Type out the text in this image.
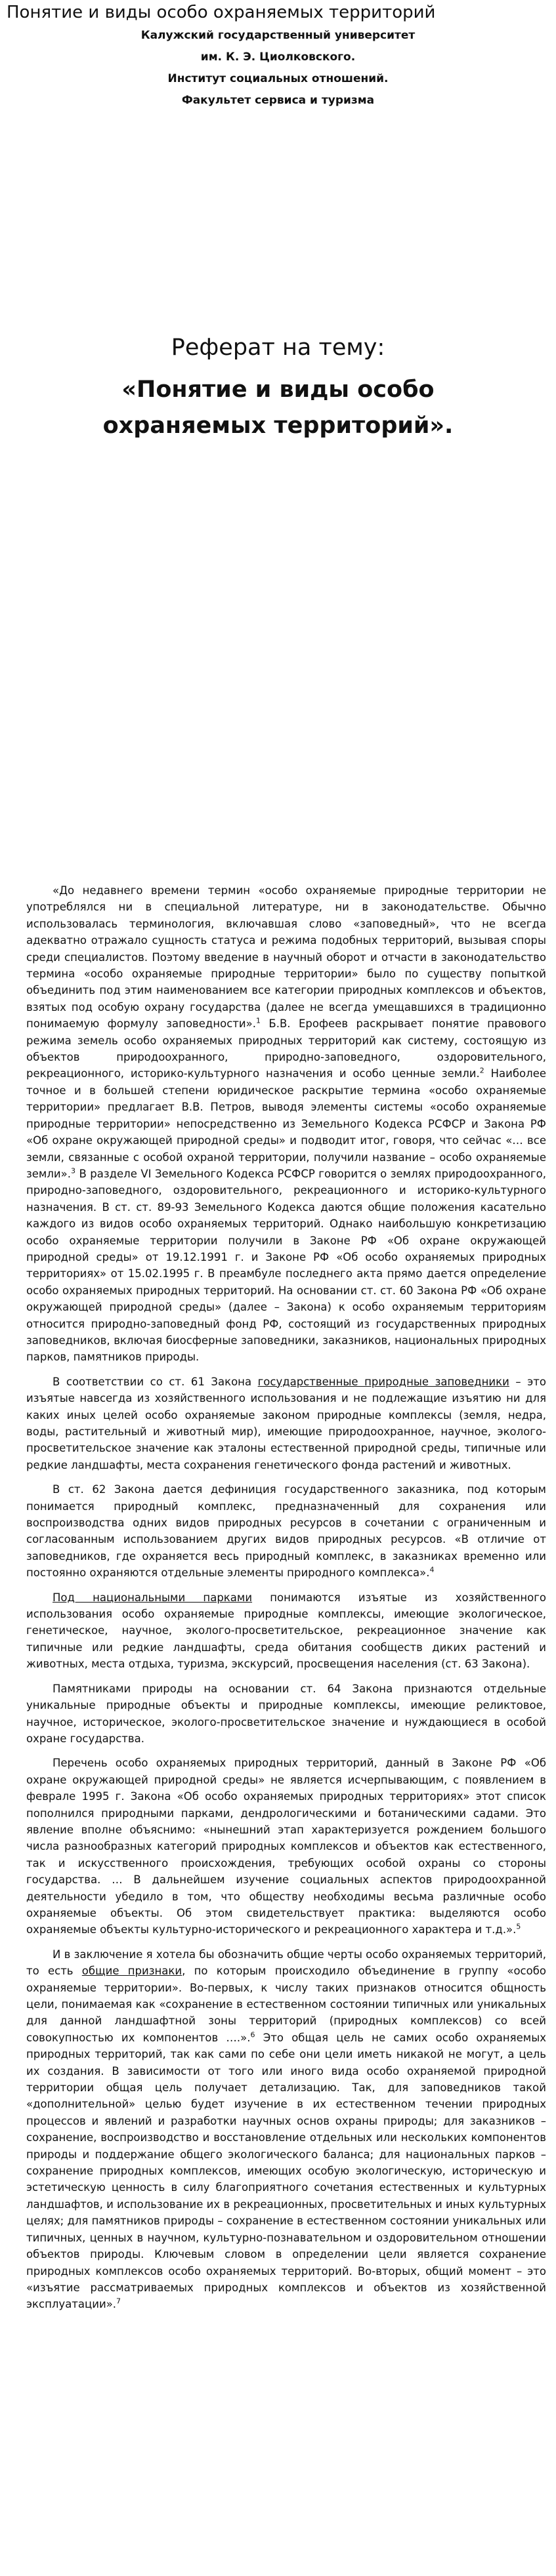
Понятие и виды особо охраняемых территорий
Калужский государственный университет
им. К. Э. Циолковского.
Институт социальных отношений.
Факультет сервиса и туризма
Реферат на тему:
«Понятие и виды особо охраняемых территорий».

«До недавнего времени термин «особо охраняемые природные территории не употреблялся ни в специальной литературе, ни в законодательстве. Обычно использовалась терминология, включавшая слово «заповедный», что не всегда адекватно отражало сущность статуса и режима подобных территорий, вызывая споры среди специалистов. Поэтому введение в научный оборот и отчасти в законодательство термина «особо охраняемые природные территории» было по существу попыткой объединить под этим наименованием все категории природных комплексов и объектов, взятых под особую охрану государства (далее не всегда умещавшихся в традиционно понимаемую формулу заповедности».$^1$ Б.В. Ерофеев раскрывает понятие правового режима земель особо охраняемых природных территорий как систему, состоящую из объектов природоохранного, природно-заповедного, оздоровительного, рекреационного, историко-культурного назначения и особо ценные земли.$^2$ Наиболее точное и в большей степени юридическое раскрытие термина «особо охраняемые территории» предлагает В.В. Петров, выводя элементы системы «особо охраняемые природные территории» непосредственно из Земельного Кодекса РСФСР и Закона РФ «Об охране окружающей природной среды» и подводит итог, говоря, что сейчас «… все земли, связанные с особой охраной территории, получили название – особо охраняемые земли».$^3$ В разделе VI Земельного Кодекса РСФСР говорится о землях природоохранного, природно-заповедного, оздоровительного, рекреационного и историко-культурного назначения. В ст. ст. 89-93 Земельного Кодекса даются общие положения касательно каждого из видов особо охраняемых территорий. Однако наибольшую конкретизацию особо охраняемые территории получили в Законе РФ «Об охране окружающей природной среды» от 19.12.1991 г. и Законе РФ «Об особо охраняемых природных территориях» от 15.02.1995 г. В преамбуле последнего акта прямо дается определение особо охраняемых природных территорий. На основании ст. ст. 60 Закона РФ «Об охране окружающей природной среды» (далее – Закона) к особо охраняемым территориям относится природно-заповедный фонд РФ, состоящий из государственных природных заповедников, включая биосферные заповедники, заказников, национальных природных парков, памятников природы.

В соответствии со ст. 61 Закона государственные природные заповедники – это изъятые навсегда из хозяйственного использования и не подлежащие изъятию ни для каких иных целей особо охраняемые законом природные комплексы (земля, недра, воды, растительный и животный мир), имеющие природоохранное, научное, эколого-просветительское значение как эталоны естественной природной среды, типичные или редкие ландшафты, места сохранения генетического фонда растений и животных.

В ст. 62 Закона дается дефиниция государственного заказника, под которым понимается природный комплекс, предназначенный для сохранения или воспроизводства одних видов природных ресурсов в сочетании с ограниченным и согласованным использованием других видов природных ресурсов. «В отличие от заповедников, где охраняется весь природный комплекс, в заказниках временно или постоянно охраняются отдельные элементы природного комплекса».$^4$

Под национальными парками понимаются изъятые из хозяйственного использования особо охраняемые природные комплексы, имеющие экологическое, генетическое, научное, эколого-просветительское, рекреационное значение как типичные или редкие ландшафты, среда обитания сообществ диких растений и животных, места отдыха, туризма, экскурсий, просвещения населения (ст. 63 Закона).

Памятниками природы на основании ст. 64 Закона признаются отдельные уникальные природные объекты и природные комплексы, имеющие реликтовое, научное, историческое, эколого-просветительское значение и нуждающиеся в особой охране государства.

Перечень особо охраняемых природных территорий, данный в Законе РФ «Об охране окружающей природной среды» не является исчерпывающим, с появлением в феврале 1995 г. Закона «Об особо охраняемых природных территориях» этот список пополнился природными парками, дендрологическими и ботаническими садами. Это явление вполне объяснимо: «нынешний этап характеризуется рождением большого числа разнообразных категорий природных комплексов и объектов как естественного, так и искусственного происхождения, требующих особой охраны со стороны государства. … В дальнейшем изучение социальных аспектов природоохранной деятельности убедило в том, что обществу необходимы весьма различные особо охраняемые объекты. Об этом свидетельствует практика: выделяются особо охраняемые объекты культурно-исторического и рекреационного характера и т.д.».$^5$

И в заключение я хотела бы обозначить общие черты особо охраняемых территорий, то есть общие признаки, по которым происходило объединение в группу «особо охраняемые территории». Во-первых, к числу таких признаков относится общность цели, понимаемая как «сохранение в естественном состоянии типичных или уникальных для данной ландшафтной зоны территорий (природных комплексов) со всей совокупностью их компонентов ….».$^6$ Это общая цель не самих особо охраняемых природных территорий, так как сами по себе они цели иметь никакой не могут, а цель их создания. В зависимости от того или иного вида особо охраняемой природной территории общая цель получает детализацию. Так, для заповедников такой «дополнительной» целью будет изучение в их естественном течении природных процессов и явлений и разработки научных основ охраны природы; для заказников – сохранение, воспроизводство и восстановление отдельных или нескольких компонентов природы и поддержание общего экологического баланса; для национальных парков – сохранение природных комплексов, имеющих особую экологическую, историческую и эстетическую ценность в силу благоприятного сочетания естественных и культурных ландшафтов, и использование их в рекреационных, просветительных и иных культурных целях; для памятников природы – сохранение в естественном состоянии уникальных или типичных, ценных в научном, культурно-познавательном и оздоровительном отношении объектов природы. Ключевым словом в определении цели является сохранение природных комплексов особо охраняемых территорий. Во-вторых, общий момент – это «изъятие рассматриваемых природных комплексов и объектов из хозяйственной эксплуатации».$^7$
